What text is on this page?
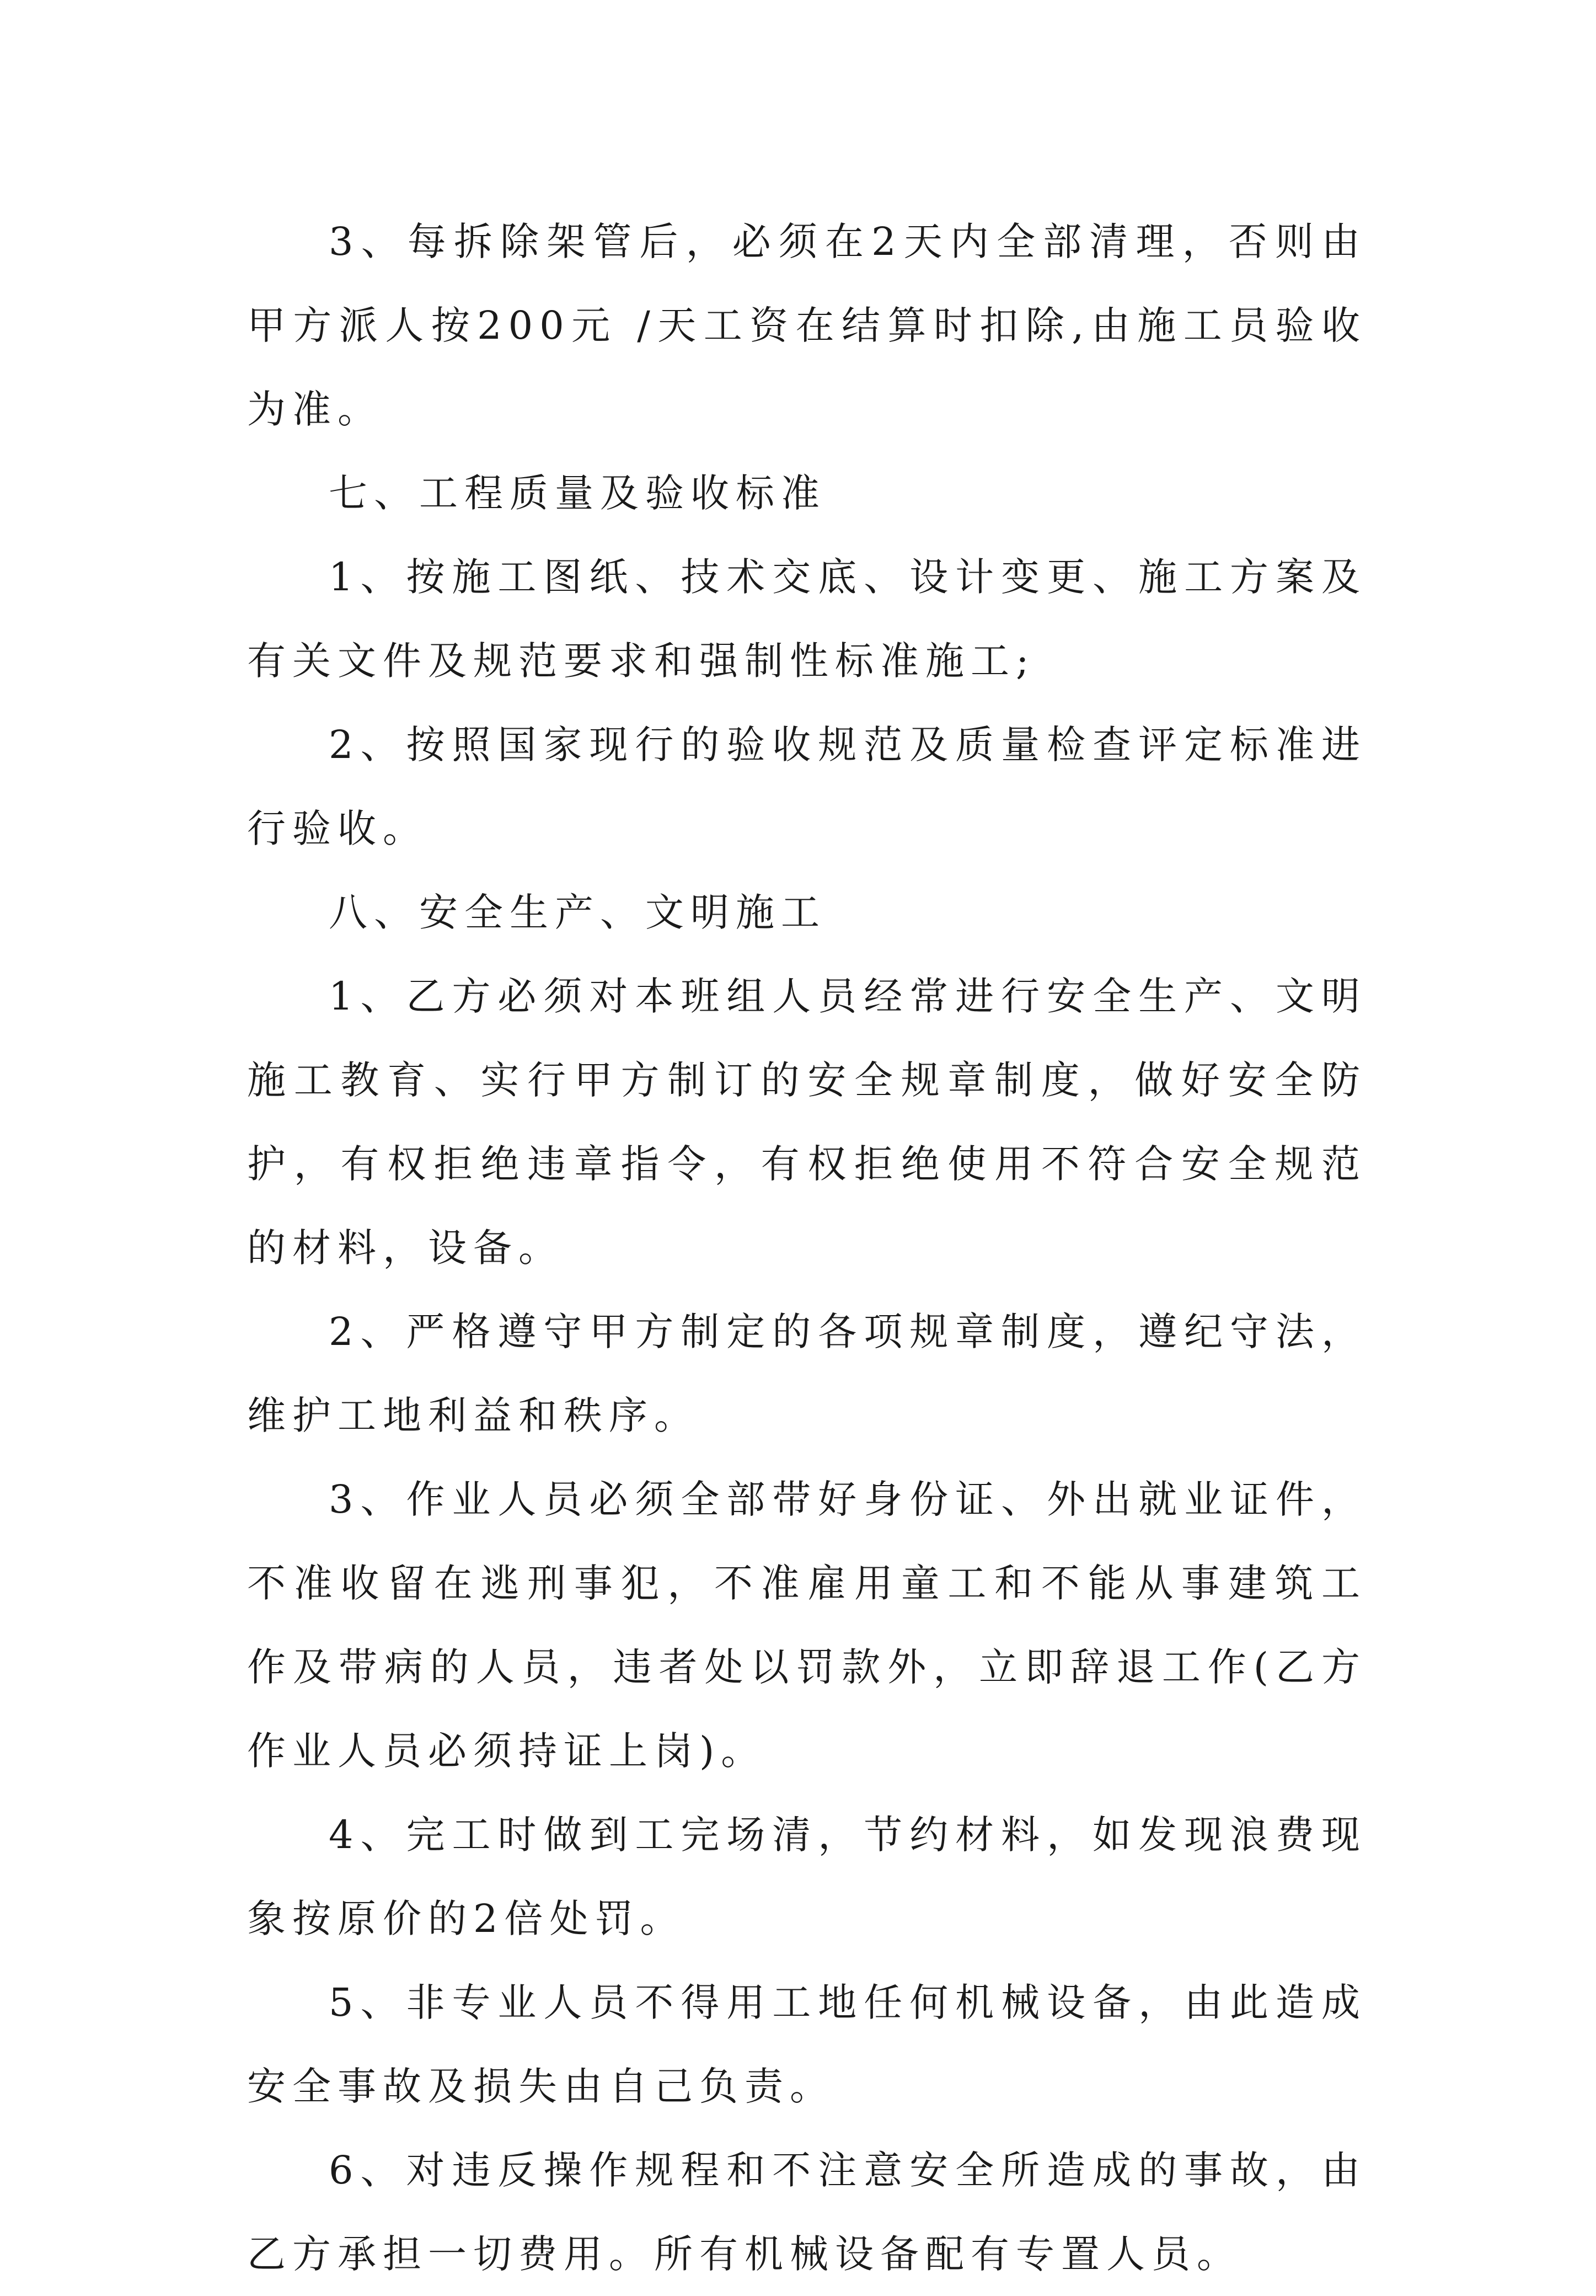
3、每拆除架管后，必须在2天内全部清理，否则由甲方派人按200元 /天工资在结算时扣除,由施工员验收为准。

七、工程质量及验收标准

1、按施工图纸、技术交底、设计变更、施工方案及有关文件及规范要求和强制性标准施工;

2、按照国家现行的验收规范及质量检查评定标准进行验收。

八、安全生产、文明施工

1、乙方必须对本班组人员经常进行安全生产、文明施工教育、实行甲方制订的安全规章制度，做好安全防护，有权拒绝违章指令，有权拒绝使用不符合安全规范的材料，设备。

2、严格遵守甲方制定的各项规章制度，遵纪守法，维护工地利益和秩序。

3、作业人员必须全部带好身份证、外出就业证件，不准收留在逃刑事犯，不准雇用童工和不能从事建筑工作及带病的人员，违者处以罚款外，立即辞退工作(乙方作业人员必须持证上岗)。

4、完工时做到工完场清，节约材料，如发现浪费现象按原价的2倍处罚。

5、非专业人员不得用工地任何机械设备，由此造成安全事故及损失由自己负责。

6、对违反操作规程和不注意安全所造成的事故，由乙方承担一切费用。所有机械设备配有专置人员。
